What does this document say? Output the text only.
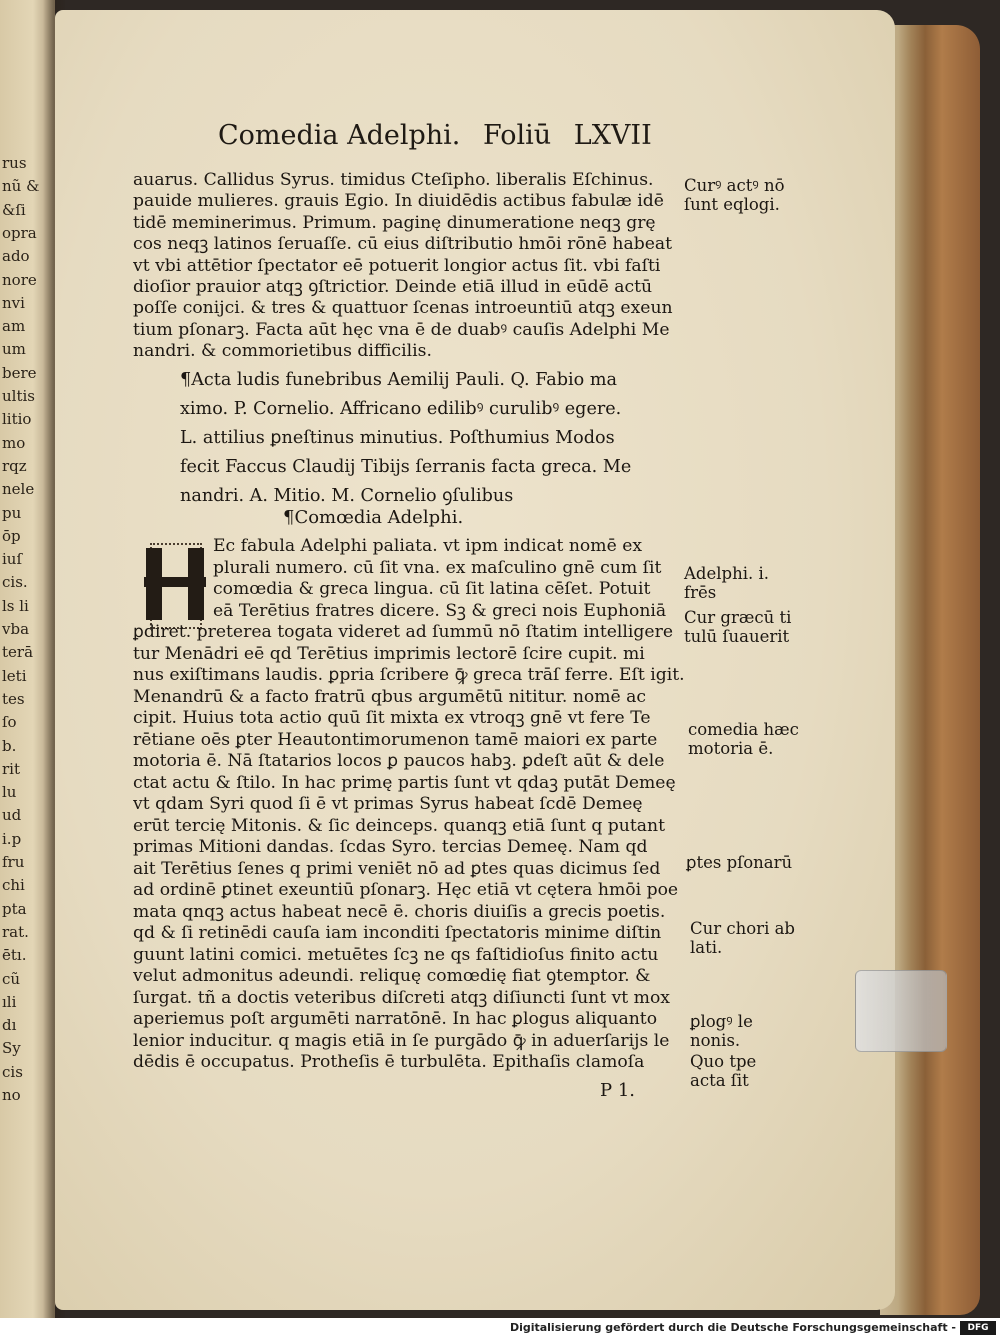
rus
nũ &
&ſi
opra
ado
nore
nvi
am
um
bere
ultis
litio
mo
rqz
nele
pu
ōp
iuſ
cis.
ls li
vba
terā
leti
tes
ſo
b.
rit
lu
ud
i.p
fru
chi
pta
rat.
ētı.
cũ
ıli
dı
Sy
cis
no
Comedia Adelphi. Foliū LXVII
auarus. Callidus Syrus. timidus Cteſipho. liberalis Eſchinus.
pauide mulieres. grauis Egio. In diuidēdis actibus fabulæ idē
tidē meminerimus. Primum. paginę dinumeratione neqꝫ grę
cos neqꝫ latinos ſeruaſſe. cū eius diſtributio hmōi rōnē habeat
vt vbi attētior ſpectator eē potuerit longior actus ſit. vbi faſti
dioſior prauior atqꝫ ꝯſtrictior. Deinde etiā illud in eūdē actū
poſſe conijci. & tres & quattuor ſcenas introeuntiū atqꝫ exeun
tium pſonarꝫ. Facta aūt hęc vna ē de duabꝰ cauſis Adelphi Me
nandri. & commorietibus difficilis.
¶Acta ludis funebribus Aemilij Pauli. Q. Fabio ma
ximo. P. Cornelio. Affricano edilibꝰ curulibꝰ egere.
L. attilius ꝑneſtinus minutius. Poſthumius Modos
fecit Faccus Claudij Tibijs ſerranis facta greca. Me
nandri. A. Mitio. M. Cornelio ꝯſulibus
¶Comœdia Adelphi.
Ec fabula Adelphi paliata. vt ipm indicat nomē ex
plurali numero. cū ſit vna. ex maſculino gnē cum ſit
comœdia & greca lingua. cū ſit latina cēſet. Potuit
eā Terētius fratres dicere. Sꝫ & greci nois Euphoniā
ꝑdiret. preterea togata videret ad ſummū nō ſtatim intelligere
tur Menādri eē qd Terētius imprimis lectorē ſcire cupit. mi
nus exiſtimans laudis. ꝑpria ſcribere ꝙ̄ greca trāſ ferre. Eſt igit.
Menandrū & a facto fratrū qbus argumētū nititur. nomē ac
cipit. Huius tota actio quū ſit mixta ex vtroqꝫ gnē vt fere Te
rētiane oēs ꝑter Heautontimorumenon tamē maiori ex parte
motoria ē. Nā ſtatarios locos ꝑ paucos habꝫ. ꝑdeſt aūt & dele
ctat actu & ſtilo. In hac primę partis ſunt vt qdaꝫ putāt Demeę
vt qdam Syri quod ſi ē vt primas Syrus habeat ſcdē Demeę
erūt tercię Mitonis. & ſic deinceps. quanqꝫ etiā ſunt q putant
primas Mitioni dandas. ſcdas Syro. tercias Demeę. Nam qd
ait Terētius ſenes q primi veniēt nō ad ꝑtes quas dicimus ſed
ad ordinē ꝑtinet exeuntiū pſonarꝫ. Hęc etiā vt cętera hmōi poe
mata qnqꝫ actus habeat necē ē. choris diuiſis a grecis poetis.
qd & ſi retinēdi cauſa iam inconditi ſpectatoris minime diſtin
guunt latini comici. metuētes ſcꝫ ne qs faſtidioſus finito actu
velut admonitus adeundi. reliquę comœdię fiat ꝯtemptor. &
ſurgat. tñ a doctis veteribus diſcreti atqꝫ diſiuncti ſunt vt mox
aperiemus poſt argumēti narratōnē. In hac ꝑlogus aliquanto
lenior inducitur. q magis etiā in ſe purgādo ꝙ̄ in aduerſarijs le
dēdis ē occupatus. Protheſis ē turbulēta. Epithaſis clamoſa
Curꝰ actꝰ nō
ſunt eqlogi.
Adelphi. i.
frēs
Cur græcū ti
tulū ſuauerit
comedia hæc
motoria ē.
ꝑtes pſonarū
Cur chori ab
lati.
ꝑlogꝰ le
nonis.
Quo tpe
acta ſit
P 1.
Digitalisierung gefördert durch die Deutsche Forschungsgemeinschaft -	DFG
